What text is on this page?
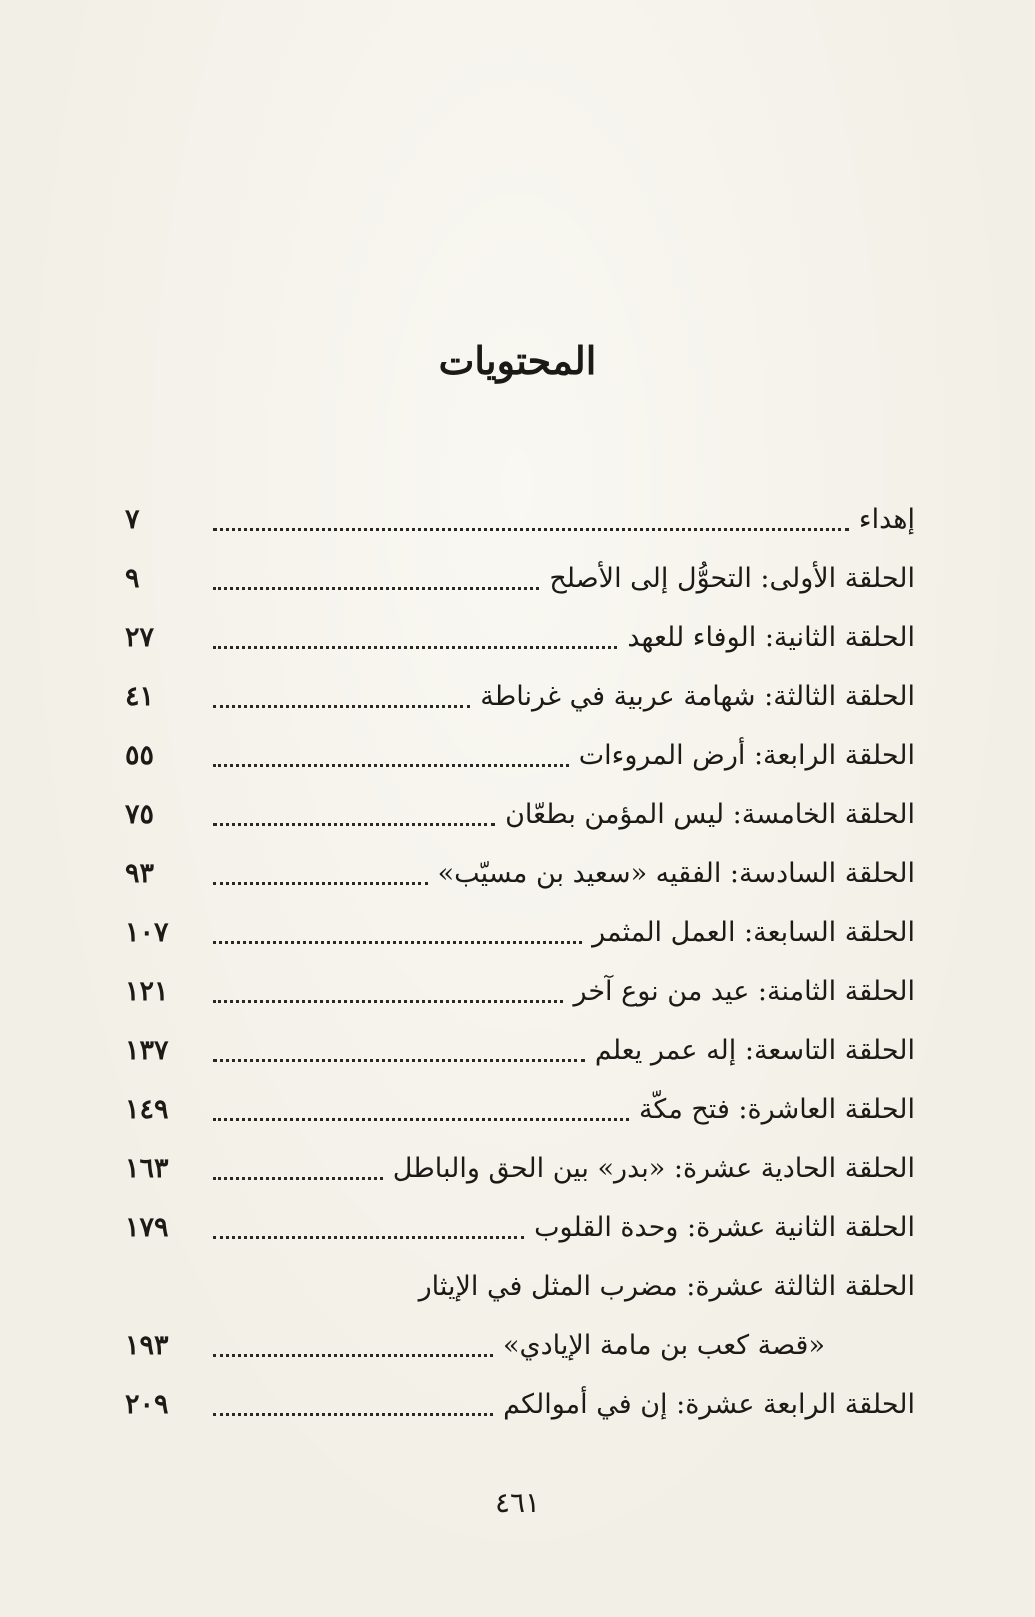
المحتويات
إهداء
٧
الحلقة الأولى: التحوُّل إلى الأصلح
٩
الحلقة الثانية: الوفاء للعهد
٢٧
الحلقة الثالثة: شهامة عربية في غرناطة
٤١
الحلقة الرابعة: أرض المروءات
٥٥
الحلقة الخامسة: ليس المؤمن بطعّان
٧٥
الحلقة السادسة: الفقيه «سعيد بن مسيّب»
٩٣
الحلقة السابعة: العمل المثمر
١٠٧
الحلقة الثامنة: عيد من نوع آخر
١٢١
الحلقة التاسعة: إله عمر يعلم
١٣٧
الحلقة العاشرة: فتح مكّة
١٤٩
الحلقة الحادية عشرة: «بدر» بين الحق والباطل
١٦٣
الحلقة الثانية عشرة: وحدة القلوب
١٧٩
الحلقة الثالثة عشرة: مضرب المثل في الإيثار
«قصة كعب بن مامة الإيادي»
١٩٣
الحلقة الرابعة عشرة: إن في أموالكم
٢٠٩
٤٦١
